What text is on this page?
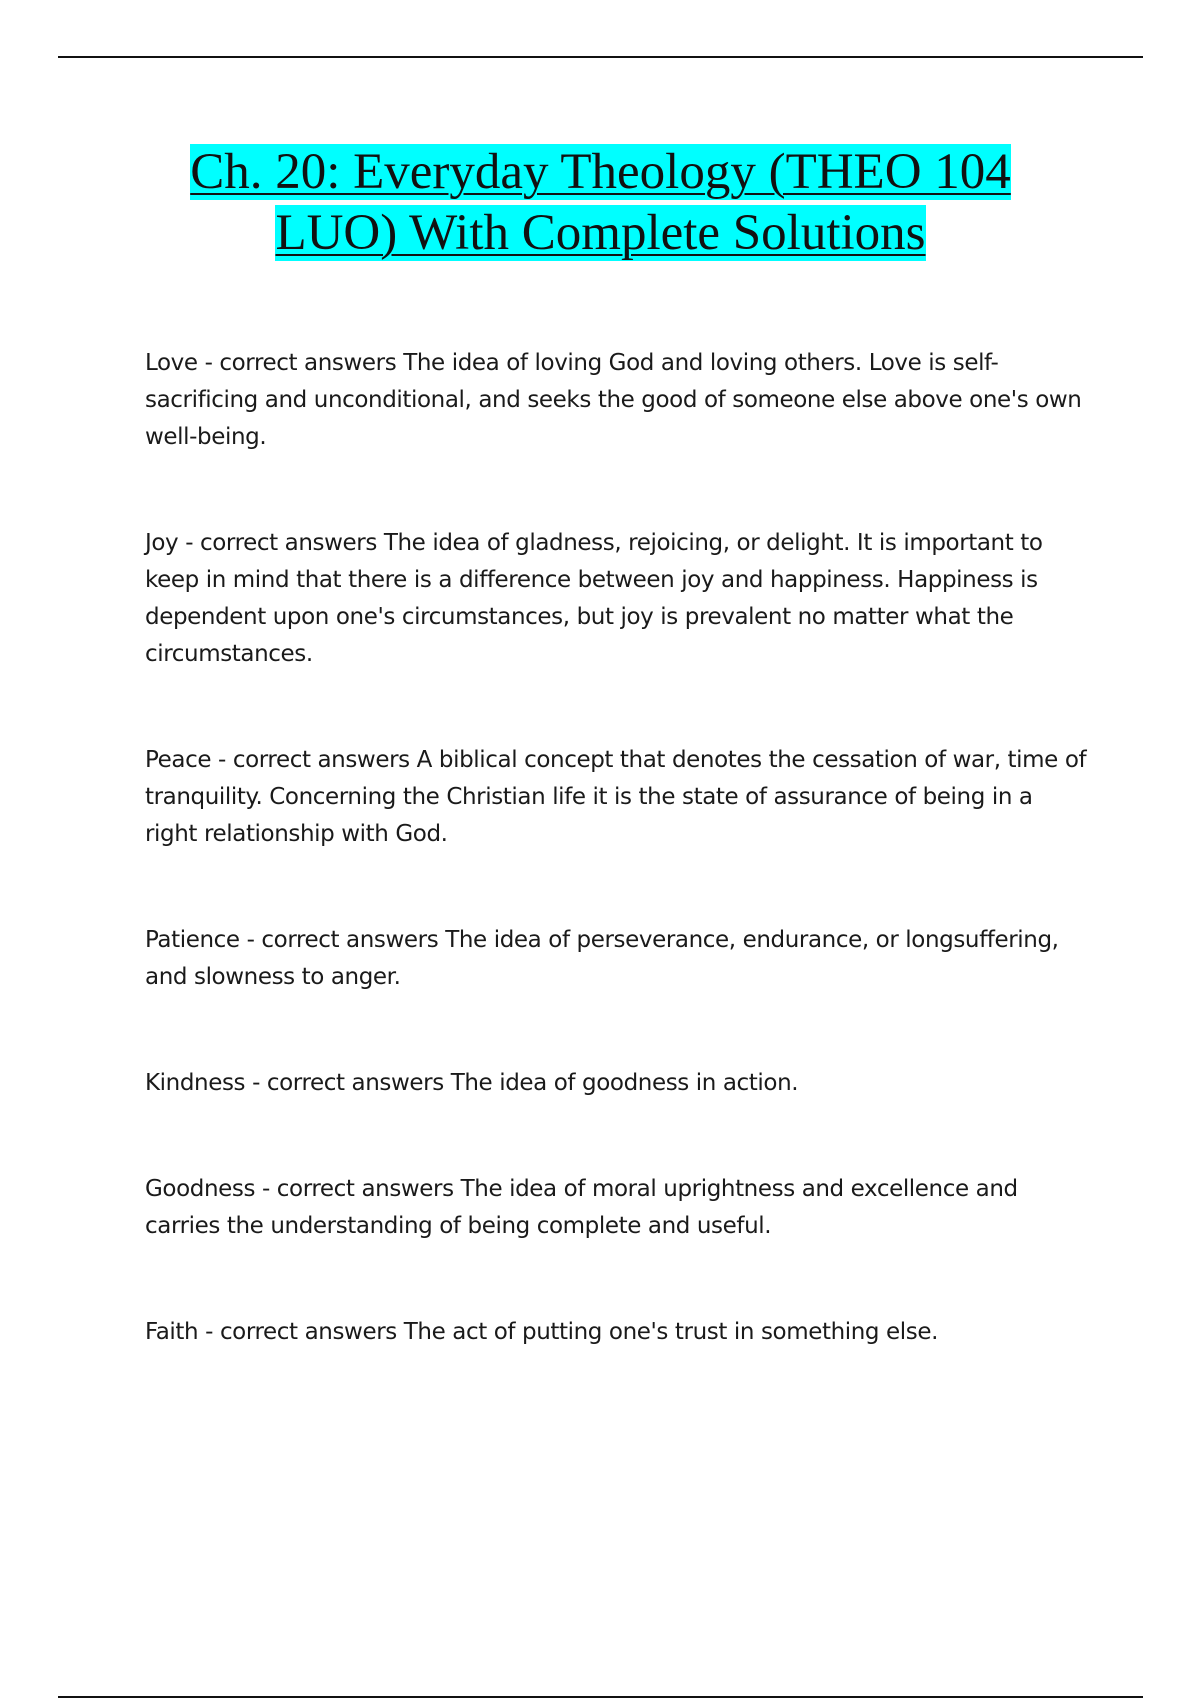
Ch. 20: Everyday Theology (THEO 104
LUO) With Complete Solutions

Love - correct answers The idea of loving God and loving others. Love is self-sacrificing and unconditional, and seeks the good of someone else above one's own well-being.

Joy - correct answers The idea of gladness, rejoicing, or delight. It is important to keep in mind that there is a difference between joy and happiness. Happiness is dependent upon one's circumstances, but joy is prevalent no matter what the circumstances.

Peace - correct answers A biblical concept that denotes the cessation of war, time of tranquility. Concerning the Christian life it is the state of assurance of being in a right relationship with God.

Patience - correct answers The idea of perseverance, endurance, or longsuffering, and slowness to anger.

Kindness - correct answers The idea of goodness in action.

Goodness - correct answers The idea of moral uprightness and excellence and carries the understanding of being complete and useful.

Faith - correct answers The act of putting one's trust in something else.
